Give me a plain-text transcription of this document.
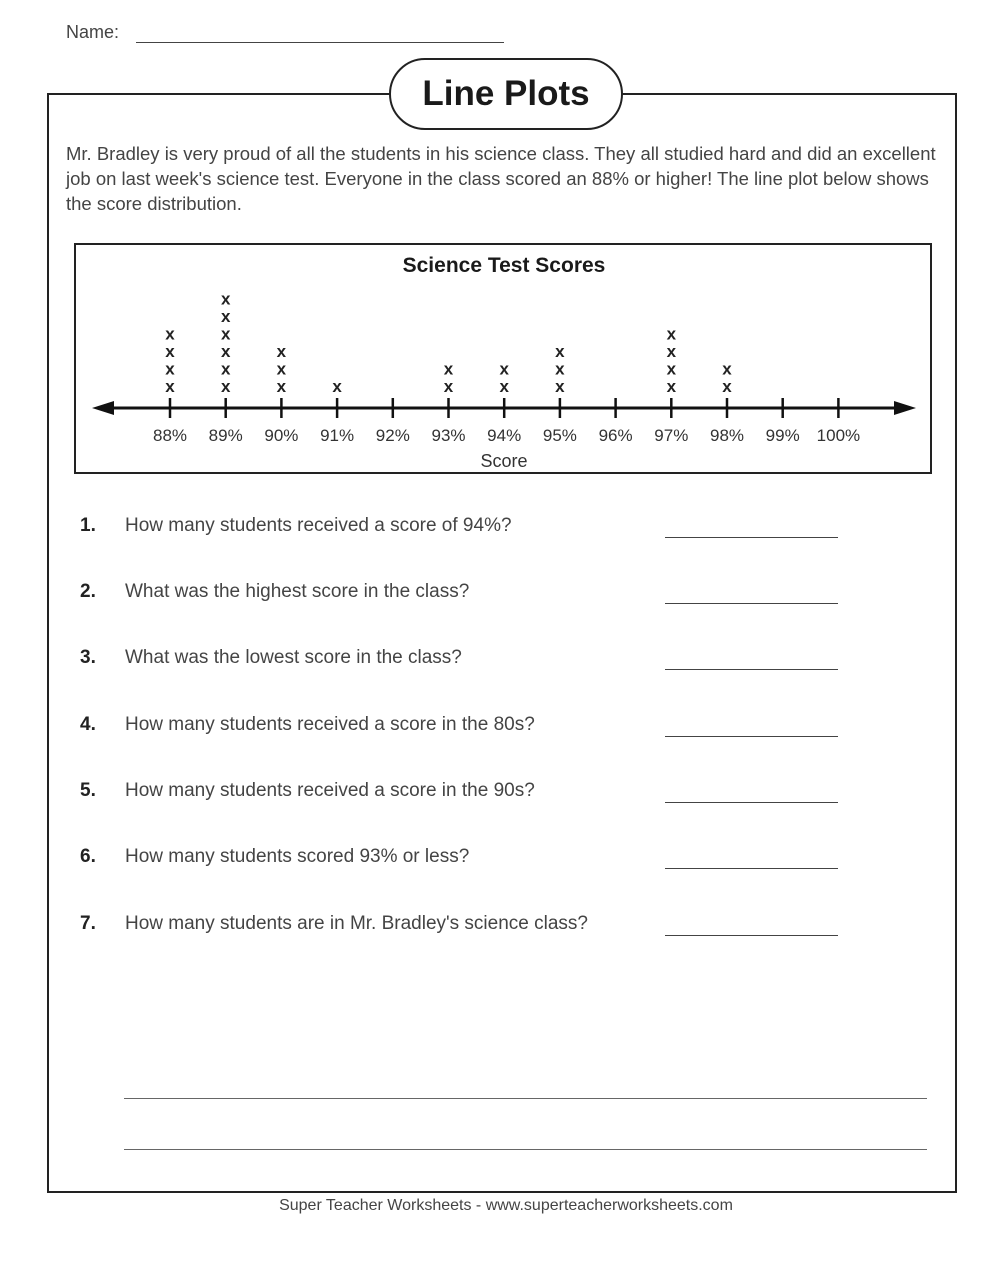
Name:
Line Plots
Mr. Bradley is very proud of all the students in his science class. They all studied hard and did an excellent job on last week's science test. Everyone in the class scored an 88% or higher! The line plot below shows the score distribution.
Science Test Scores
88% 89% 90% 91% 92% 93% 94% 95% 96% 97% 98% 99% 100%
x
x
x
x
x
x
x
x
x
x
x
x
x
x	x
x
x
x
x
x
x
x
x
x
x
x
x
Score
1. How many students received a score of 94%?
2. What was the highest score in the class?
3. What was the lowest score in the class?
4. How many students received a score in the 80s?
5. How many students received a score in the 90s?
6. How many students scored 93% or less?
7. How many students are in Mr. Bradley's science class?
Super Teacher Worksheets - www.superteacherworksheets.com
